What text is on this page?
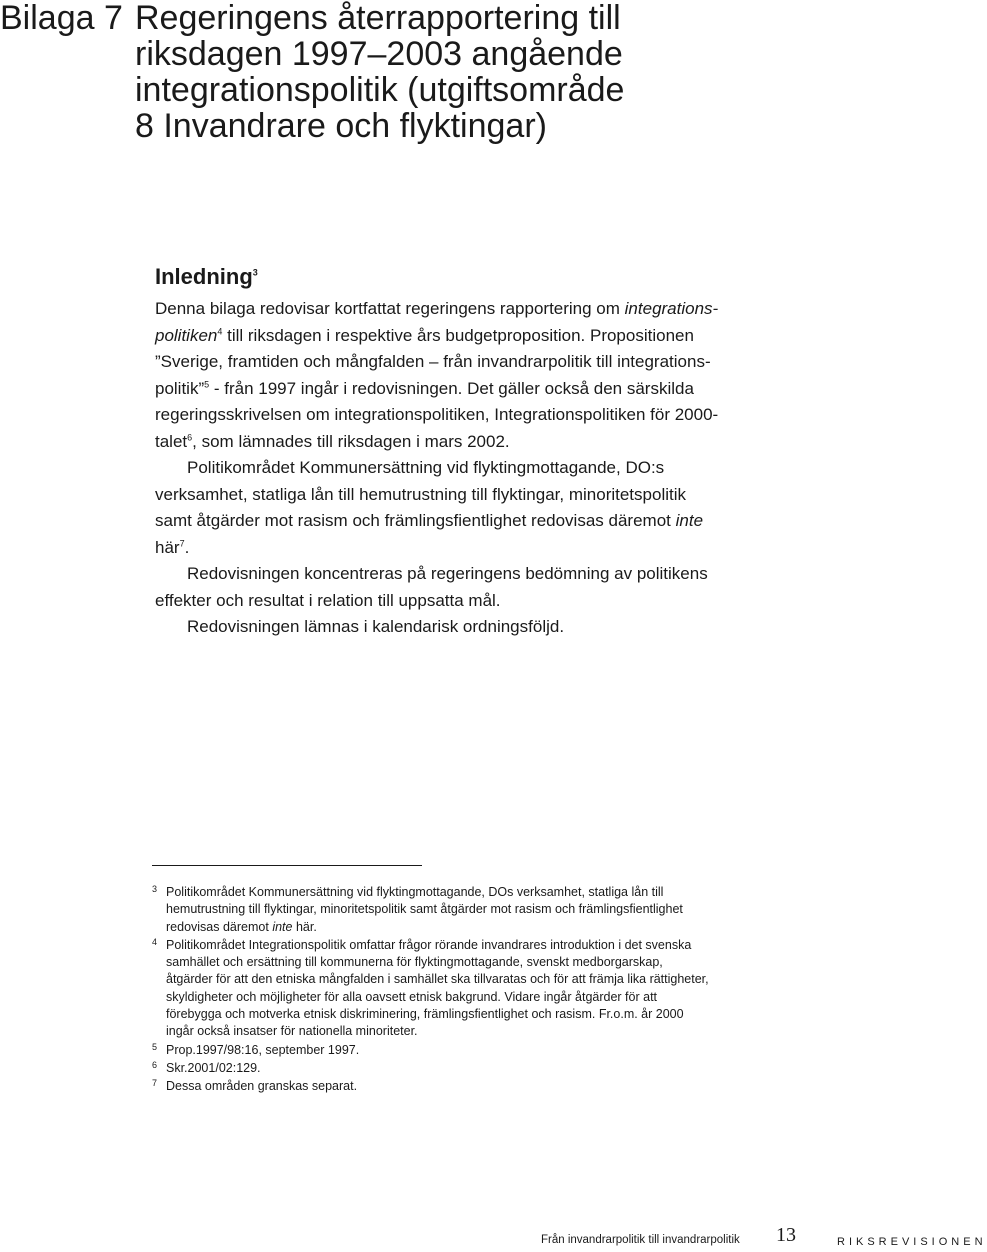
Bilaga 7 Regeringens återrapportering till
riksdagen 1997–2003 angående
integrationspolitik (utgiftsområde
8 Invandrare och flyktingar)
Inledning$^3$

Denna bilaga redovisar kortfattat regeringens rapportering om integrations-
politiken$^4$ till riksdagen i respektive års budgetproposition. Propositionen
”Sverige, framtiden och mångfalden – från invandrarpolitik till integrations-
politik”$^5$ - från 1997 ingår i redovisningen. Det gäller också den särskilda
regeringsskrivelsen om integrationspolitiken, Integrationspolitiken för 2000-
talet$^6$, som lämnades till riksdagen i mars 2002.

Politikområdet Kommunersättning vid flyktingmottagande, DO:s
verksamhet, statliga lån till hemutrustning till flyktingar, minoritetspolitik
samt åtgärder mot rasism och främlingsfientlighet redovisas däremot inte
här$^7$.

Redovisningen koncentreras på regeringens bedömning av politikens
effekter och resultat i relation till uppsatta mål.

Redovisningen lämnas i kalendarisk ordningsföljd.

3 Politikområdet Kommunersättning vid flyktingmottagande, DOs verksamhet, statliga lån till
hemutrustning till flyktingar, minoritetspolitik samt åtgärder mot rasism och främlingsfientlighet
redovisas däremot inte här.
4 Politikområdet Integrationspolitik omfattar frågor rörande invandrares introduktion i det svenska
samhället och ersättning till kommunerna för flyktingmottagande, svenskt medborgarskap,
åtgärder för att den etniska mångfalden i samhället ska tillvaratas och för att främja lika rättigheter,
skyldigheter och möjligheter för alla oavsett etnisk bakgrund. Vidare ingår åtgärder för att
förebygga och motverka etnisk diskriminering, främlingsfientlighet och rasism. Fr.o.m. år 2000
ingår också insatser för nationella minoriteter.
5 Prop.1997/98:16, september 1997.
6 Skr.2001/02:129.
7 Dessa områden granskas separat.
Från invandrarpolitik till invandrarpolitik 13	RIKSREVISIONEN
